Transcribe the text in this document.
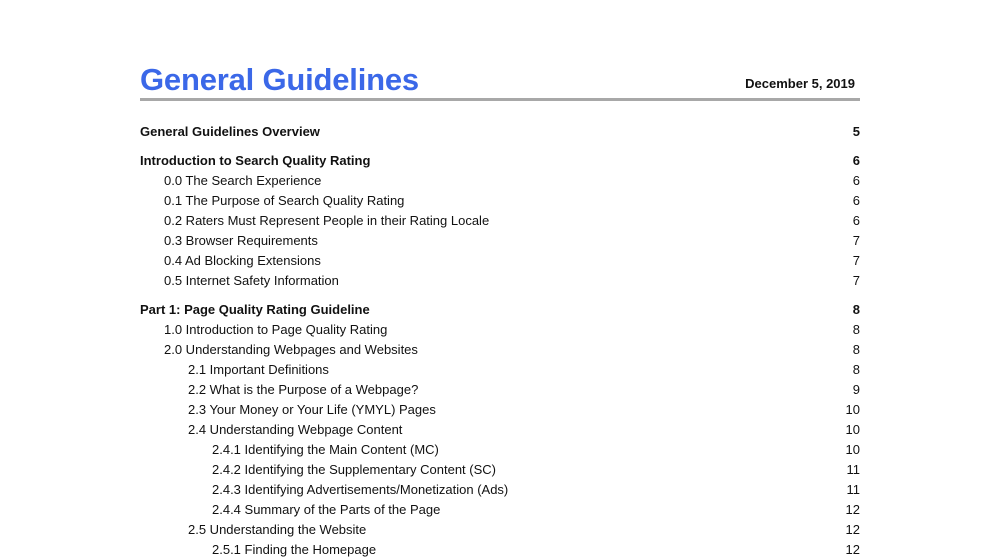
General Guidelines	December 5, 2019
General Guidelines Overview	5
Introduction to Search Quality Rating	6
0.0 The Search Experience	6
0.1 The Purpose of Search Quality Rating	6
0.2 Raters Must Represent People in their Rating Locale	6
0.3 Browser Requirements	7
0.4 Ad Blocking Extensions	7
0.5 Internet Safety Information	7
Part 1: Page Quality Rating Guideline	8
1.0 Introduction to Page Quality Rating	8
2.0 Understanding Webpages and Websites	8
2.1 Important Definitions	8
2.2 What is the Purpose of a Webpage?	9
2.3 Your Money or Your Life (YMYL) Pages	10
2.4 Understanding Webpage Content	10
2.4.1 Identifying the Main Content (MC)	10
2.4.2 Identifying the Supplementary Content (SC)	11
2.4.3 Identifying Advertisements/Monetization (Ads)	11
2.4.4 Summary of the Parts of the Page	12
2.5 Understanding the Website	12
2.5.1 Finding the Homepage	12
